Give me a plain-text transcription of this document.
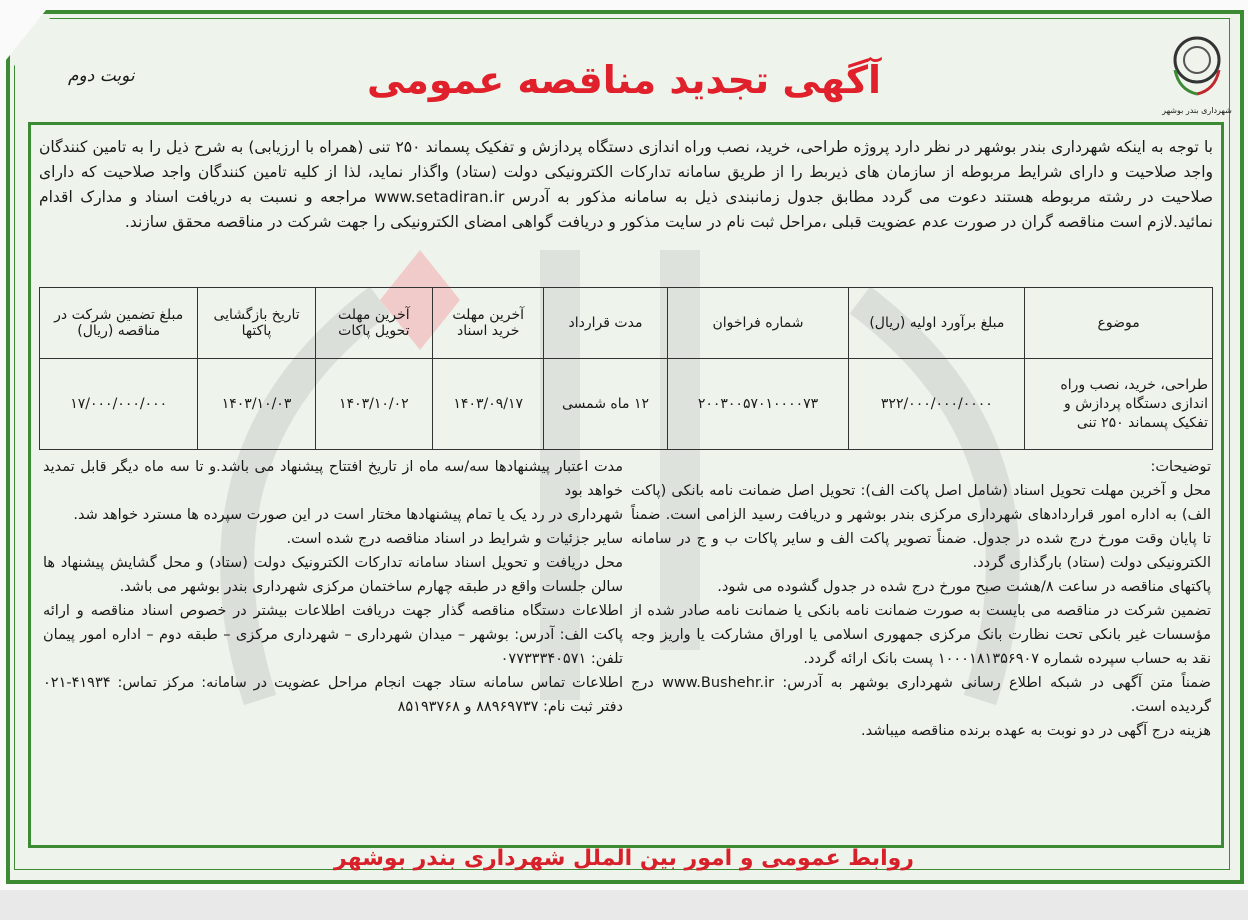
شهرداری بندر بوشهر
آگهی تجدید مناقصه عمومی
نوبت دوم
با توجه به اینکه شهرداری بندر بوشهر در نظر دارد پروژه طراحی، خرید، نصب وراه اندازی دستگاه پردازش و تفکیک پسماند ۲۵۰ تنی (همراه با ارزیابی) به شرح ذیل را به تامین کنندگان واجد صلاحیت و دارای شرایط مربوطه از سازمان های ذیربط را از طریق سامانه تدارکات الکترونیکی دولت (ستاد) واگذار نماید، لذا از کلیه تامین کنندگان واجد صلاحیت که دارای صلاحیت در رشته مربوطه هستند دعوت می گردد مطابق جدول زمانبندی ذیل به سامانه مذکور به آدرس www.setadiran.ir مراجعه و نسبت به دریافت اسناد و مدارک اقدام نمائید.لازم است مناقصه گران در صورت عدم عضویت قبلی ،مراحل ثبت نام در سایت مذکور و دریافت گواهی امضای الکترونیکی را جهت شرکت در مناقصه محقق سازند.
موضوع	مبلغ برآورد اولیه (ریال)	شماره فراخوان	مدت قرارداد	آخرین مهلت خرید اسناد	آخرین مهلت تحویل پاکات	تاریخ بازگشایی پاکتها	مبلغ تضمین شرکت در مناقصه (ریال)
طراحی، خرید، نصب وراه اندازی دستگاه پردازش و تفکیک پسماند ۲۵۰ تنی	۳۲۲/۰۰۰/۰۰۰/۰۰۰۰	۲۰۰۳۰۰۵۷۰۱۰۰۰۰۷۳	۱۲ ماه شمسی	۱۴۰۳/۰۹/۱۷	۱۴۰۳/۱۰/۰۲	۱۴۰۳/۱۰/۰۳	۱۷/۰۰۰/۰۰۰/۰۰۰

توضیحات:

محل و آخرین مهلت تحویل اسناد (شامل اصل پاکت الف): تحویل اصل ضمانت نامه بانکی (پاکت الف) به اداره امور قراردادهای شهرداری مرکزی بندر بوشهر و دریافت رسید الزامی است. ضمناً تا پایان وقت مورخ درج شده در جدول. ضمناً تصویر پاکت الف و سایر پاکات ب و ج در سامانه الکترونیکی دولت (ستاد) بارگذاری گردد.

پاکتهای مناقصه در ساعت ۸/هشت صبح مورخ درج شده در جدول گشوده می شود.

تضمین شرکت در مناقصه می بایست به صورت ضمانت نامه بانکی یا ضمانت نامه صادر شده از مؤسسات غیر بانکی تحت نظارت بانک مرکزی جمهوری اسلامی یا اوراق مشارکت یا واریز وجه نقد به حساب سپرده شماره ۱۰۰۰۱۸۱۳۵۶۹۰۷ پست بانک ارائه گردد.

ضمناً متن آگهی در شبکه اطلاع رسانی شهرداری بوشهر به آدرس: www.Bushehr.ir درج گردیده است.

هزینه درج آگهی در دو نوبت به عهده برنده مناقصه میباشد.

مدت اعتبار پیشنهادها سه/سه ماه از تاریخ افتتاح پیشنهاد می باشد.و تا سه ماه دیگر قابل تمدید خواهد بود

شهرداری در رد یک یا تمام پیشنهادها مختار است در این صورت سپرده ها مسترد خواهد شد.

سایر جزئیات و شرایط در اسناد مناقصه درج شده است.

محل دریافت و تحویل اسناد سامانه تدارکات الکترونیک دولت (ستاد) و محل گشایش پیشنهاد ها سالن جلسات واقع در طبقه چهارم ساختمان مرکزی شهرداری بندر بوشهر می باشد.

اطلاعات دستگاه مناقصه گذار جهت دریافت اطلاعات بیشتر در خصوص اسناد مناقصه و ارائه پاکت الف: آدرس: بوشهر – میدان شهرداری – شهرداری مرکزی – طبقه دوم – اداره امور پیمان تلفن: ۰۷۷۳۳۳۴۰۵۷۱

اطلاعات تماس سامانه ستاد جهت انجام مراحل عضویت در سامانه: مرکز تماس: ۴۱۹۳۴-۰۲۱ دفتر ثبت نام: ۸۸۹۶۹۷۳۷ و ۸۵۱۹۳۷۶۸

روابط عمومی و امور بین الملل شهرداری بندر بوشهر
